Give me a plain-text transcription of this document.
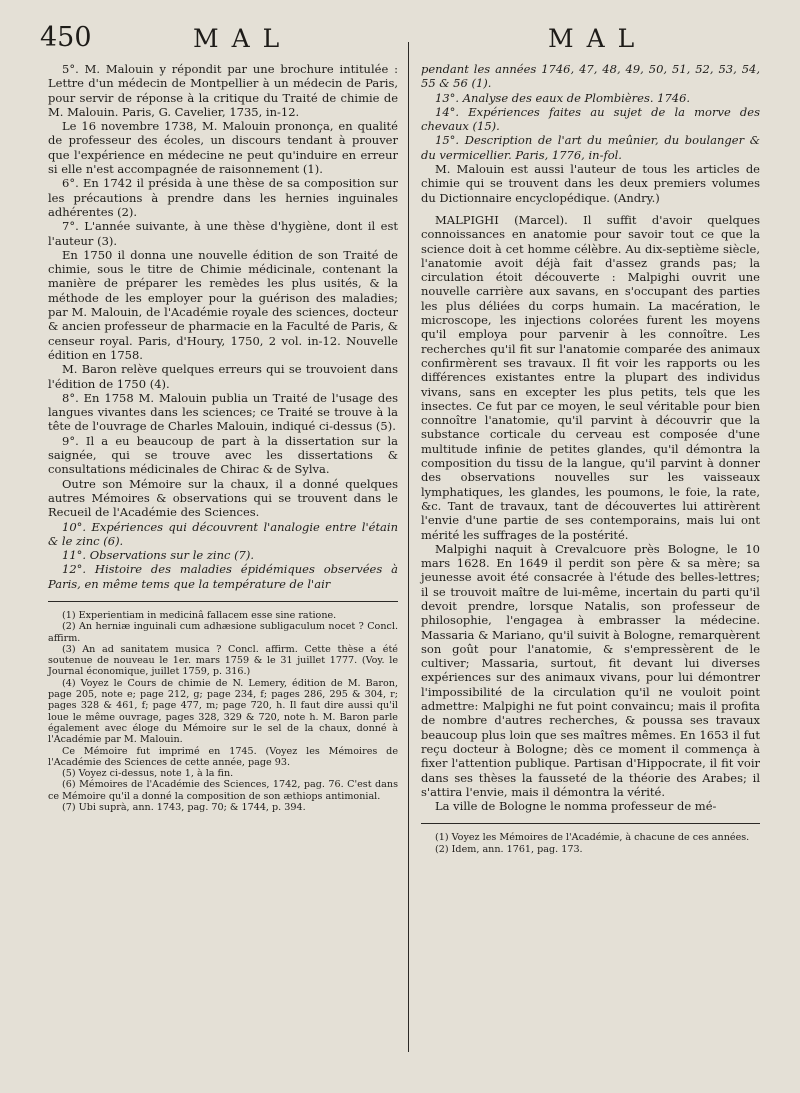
450	MAL	MAL

5°. M. Malouin y répondit par une brochure intitulée : Lettre d'un médecin de Montpellier à un médecin de Paris, pour servir de réponse à la critique du Traité de chimie de M. Malouin. Paris, G. Cavelier, 1735, in-12.

Le 16 novembre 1738, M. Malouin prononça, en qualité de professeur des écoles, un discours tendant à prouver que l'expérience en médecine ne peut qu'induire en erreur si elle n'est accompagnée de raisonnement (1).

6°. En 1742 il présida à une thèse de sa composition sur les précautions à prendre dans les hernies inguinales adhérentes (2).

7°. L'année suivante, à une thèse d'hygiène, dont il est l'auteur (3).

En 1750 il donna une nouvelle édition de son Traité de chimie, sous le titre de Chimie médicinale, contenant la manière de préparer les remèdes les plus usités, & la méthode de les employer pour la guérison des maladies; par M. Malouin, de l'Académie royale des sciences, docteur & ancien professeur de pharmacie en la Faculté de Paris, & censeur royal. Paris, d'Houry, 1750, 2 vol. in-12. Nouvelle édition en 1758.

M. Baron relève quelques erreurs qui se trouvoient dans l'édition de 1750 (4).

8°. En 1758 M. Malouin publia un Traité de l'usage des langues vivantes dans les sciences; ce Traité se trouve à la tête de l'ouvrage de Charles Malouin, indiqué ci-dessus (5).

9°. Il a eu beaucoup de part à la dissertation sur la saignée, qui se trouve avec les dissertations & consultations médicinales de Chirac & de Sylva.

Outre son Mémoire sur la chaux, il a donné quelques autres Mémoires & observations qui se trouvent dans le Recueil de l'Académie des Sciences.

10°. Expériences qui découvrent l'analogie entre l'étain & le zinc (6).

11°. Observations sur le zinc (7).

12°. Histoire des maladies épidémiques observées à Paris, en même tems que la température de l'air

(1) Experientiam in medicinâ fallacem esse sine ratione.

(2) An herniæ inguinali cum adhæsione subligaculum nocet ? Concl. affirm.

(3) An ad sanitatem musica ? Concl. affirm. Cette thèse a été soutenue de nouveau le 1er. mars 1759 & le 31 juillet 1777. (Voy. le Journal économique, juillet 1759, p. 316.)

(4) Voyez le Cours de chimie de N. Lemery, édition de M. Baron, page 205, note e; page 212, g; page 234, f; pages 286, 295 & 304, r; pages 328 & 461, f; page 477, m; page 720, h. Il faut dire aussi qu'il loue le même ouvrage, pages 328, 329 & 720, note h. M. Baron parle également avec éloge du Mémoire sur le sel de la chaux, donné à l'Académie par M. Malouin.

Ce Mémoire fut imprimé en 1745. (Voyez les Mémoires de l'Académie des Sciences de cette année, page 93.

(5) Voyez ci-dessus, note 1, à la fin.

(6) Mémoires de l'Académie des Sciences, 1742, pag. 76. C'est dans ce Mémoire qu'il a donné la composition de son æthiops antimonial.

(7) Ubi suprà, ann. 1743, pag. 70; & 1744, p. 394.

pendant les années 1746, 47, 48, 49, 50, 51, 52, 53, 54, 55 & 56 (1).

13°. Analyse des eaux de Plombières. 1746.

14°. Expériences faites au sujet de la morve des chevaux (15).

15°. Description de l'art du meûnier, du boulanger & du vermicellier. Paris, 1776, in-fol.

M. Malouin est aussi l'auteur de tous les articles de chimie qui se trouvent dans les deux premiers volumes du Dictionnaire encyclopédique. (Andry.)

MALPIGHI (Marcel). Il suffit d'avoir quelques connoissances en anatomie pour savoir tout ce que la science doit à cet homme célèbre. Au dix-septième siècle, l'anatomie avoit déjà fait d'assez grands pas; la circulation étoit découverte : Malpighi ouvrit une nouvelle carrière aux savans, en s'occupant des parties les plus déliées du corps humain. La macération, le microscope, les injections colorées furent les moyens qu'il employa pour parvenir à les connoître. Les recherches qu'il fit sur l'anatomie comparée des animaux confirmèrent ses travaux. Il fit voir les rapports ou les différences existantes entre la plupart des individus vivans, sans en excepter les plus petits, tels que les insectes. Ce fut par ce moyen, le seul véritable pour bien connoître l'anatomie, qu'il parvint à découvrir que la substance corticale du cerveau est composée d'une multitude infinie de petites glandes, qu'il démontra la composition du tissu de la langue, qu'il parvint à donner des observations nouvelles sur les vaisseaux lymphatiques, les glandes, les poumons, le foie, la rate, &c. Tant de travaux, tant de découvertes lui attirèrent l'envie d'une partie de ses contemporains, mais lui ont mérité les suffrages de la postérité.

Malpighi naquit à Crevalcuore près Bologne, le 10 mars 1628. En 1649 il perdit son père & sa mère; sa jeunesse avoit été consacrée à l'étude des belles-lettres; il se trouvoit maître de lui-même, incertain du parti qu'il devoit prendre, lorsque Natalis, son professeur de philosophie, l'engagea à embrasser la médecine. Massaria & Mariano, qu'il suivit à Bologne, remarquèrent son goût pour l'anatomie, & s'empressèrent de le cultiver; Massaria, surtout, fit devant lui diverses expériences sur des animaux vivans, pour lui démontrer l'impossibilité de la circulation qu'il ne vouloit point admettre: Malpighi ne fut point convaincu; mais il profita de nombre d'autres recherches, & poussa ses travaux beaucoup plus loin que ses maîtres mêmes. En 1653 il fut reçu docteur à Bologne; dès ce moment il commença à fixer l'attention publique. Partisan d'Hippocrate, il fit voir dans ses thèses la fausseté de la théorie des Arabes; il s'attira l'envie, mais il démontra la vérité.

La ville de Bologne le nomma professeur de mé-

(1) Voyez les Mémoires de l'Académie, à chacune de ces années.

(2) Idem, ann. 1761, pag. 173.
